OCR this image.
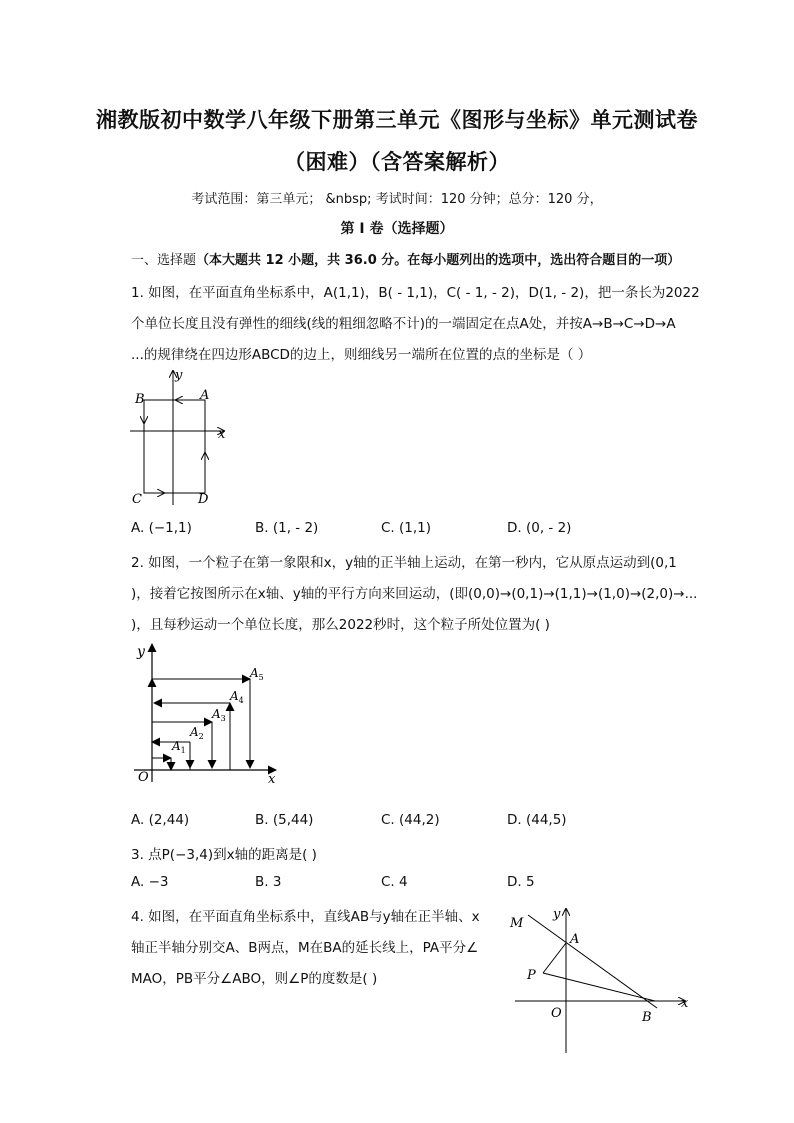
湘教版初中数学八年级下册第三单元《图形与坐标》单元测试卷
（困难）（含答案解析）
考试范围：第三单元； &nbsp; 考试时间：120 分钟；总分：120 分，
第 I 卷（选择题）
一、选择题（本大题共 12 小题，共 36.0 分。在每小题列出的选项中，选出符合题目的一项）
1. 如图，在平面直角坐标系中，A(1,1)，B( - 1,1)，C( - 1, - 2)，D(1, - 2)，把一条长为2022
个单位长度且没有弹性的细线(线的粗细忽略不计)的一端固定在点A处，并按A→B→C→D→A
...的规律绕在四边形ABCD的边上，则细线另一端所在位置的点的坐标是（ ）
y
x
A
B
C	D
A. (−1,1)	B. (1, - 2)	C. (1,1)	D. (0, - 2)
2. 如图，一个粒子在第一象限和x，y轴的正半轴上运动，在第一秒内，它从原点运动到(0,1
)，接着它按图所示在x轴、y轴的平行方向来回运动，(即(0,0)→(0,1)→(1,1)→(1,0)→(2,0)→...
)，且每秒运动一个单位长度，那么2022秒时，这个粒子所处位置为( )
y
x
O
$A_1$
$A_2$
$A_3$
$A_4$
$A_5$
A. (2,44)	B. (5,44)	C. (44,2)	D. (44,5)
3. 点P(−3,4)到x轴的距离是( )
A. −3	B. 3	C. 4	D. 5
4. 如图，在平面直角坐标系中，直线AB与y轴在正半轴、x
轴正半轴分别交A、B两点，M在BA的延长线上，PA平分∠
MAO，PB平分∠ABO，则∠P的度数是( )
M
y
A
P
x
O	B
